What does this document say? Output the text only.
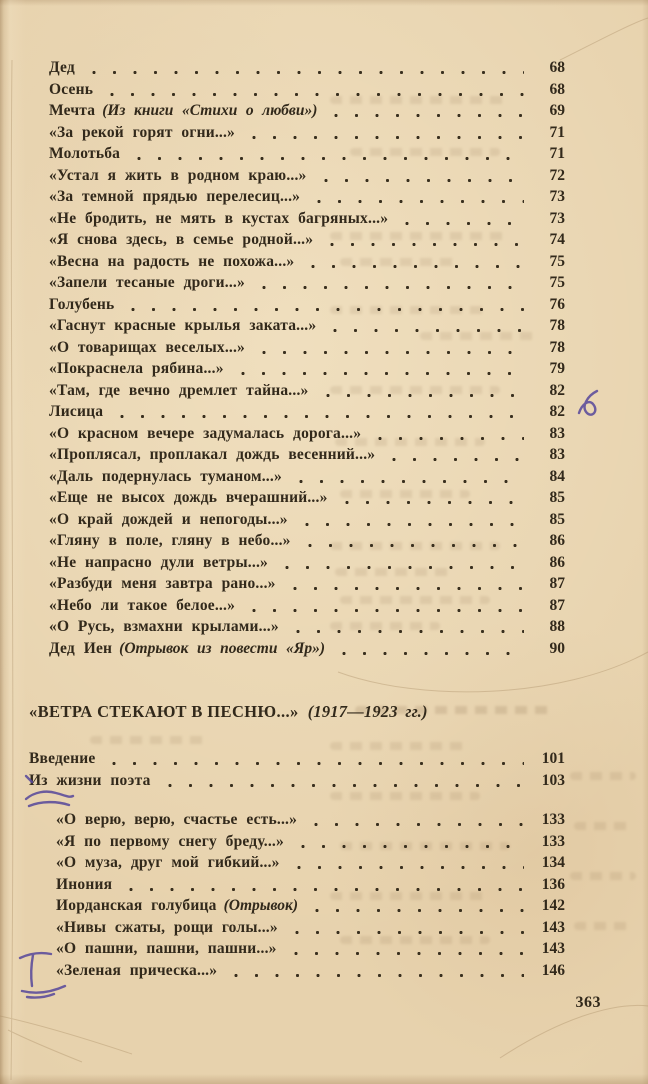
Дед	68
Осень	68
Мечта (Из книги «Стихи о любви»)	69
«За рекой горят огни...»	71
Молотьба	71
«Устал я жить в родном краю...»	72
«За темной прядью перелесиц...»	73
«Не бродить, не мять в кустах багряных...»	73
«Я снова здесь, в семье родной...»	74
«Весна на радость не похожа...»	75
«Запели тесаные дроги...»	75
Голубень	76
«Гаснут красные крылья заката...»	78
«О товарищах веселых...»	78
«Покраснела рябина...»	79
«Там, где вечно дремлет тайна...»	82
Лисица	82
«О красном вечере задумалась дорога...»	83
«Проплясал, проплакал дождь весенний...»	83
«Даль подернулась туманом...»	84
«Еще не высох дождь вчерашний...»	85
«О край дождей и непогоды...»	85
«Гляну в поле, гляну в небо...»	86
«Не напрасно дули ветры...»	86
«Разбуди меня завтра рано...»	87
«Небо ли такое белое...»	87
«О Русь, взмахни крылами...»	88
Дед Иен (Отрывок из повести «Яр»)	90
«ВЕТРА СТЕКАЮТ В ПЕСНЮ...» (1917—1923 гг.)
Введение	101
Из жизни поэта	103
«О верю, верю, счастье есть...»	133
«Я по первому снегу бреду...»	133
«О муза, друг мой гибкий...»	134
Инония	136
Иорданская голубица (Отрывок)	142
«Нивы сжаты, рощи голы...»	143
«О пашни, пашни, пашни...»	143
«Зеленая прическа...»	146
363
